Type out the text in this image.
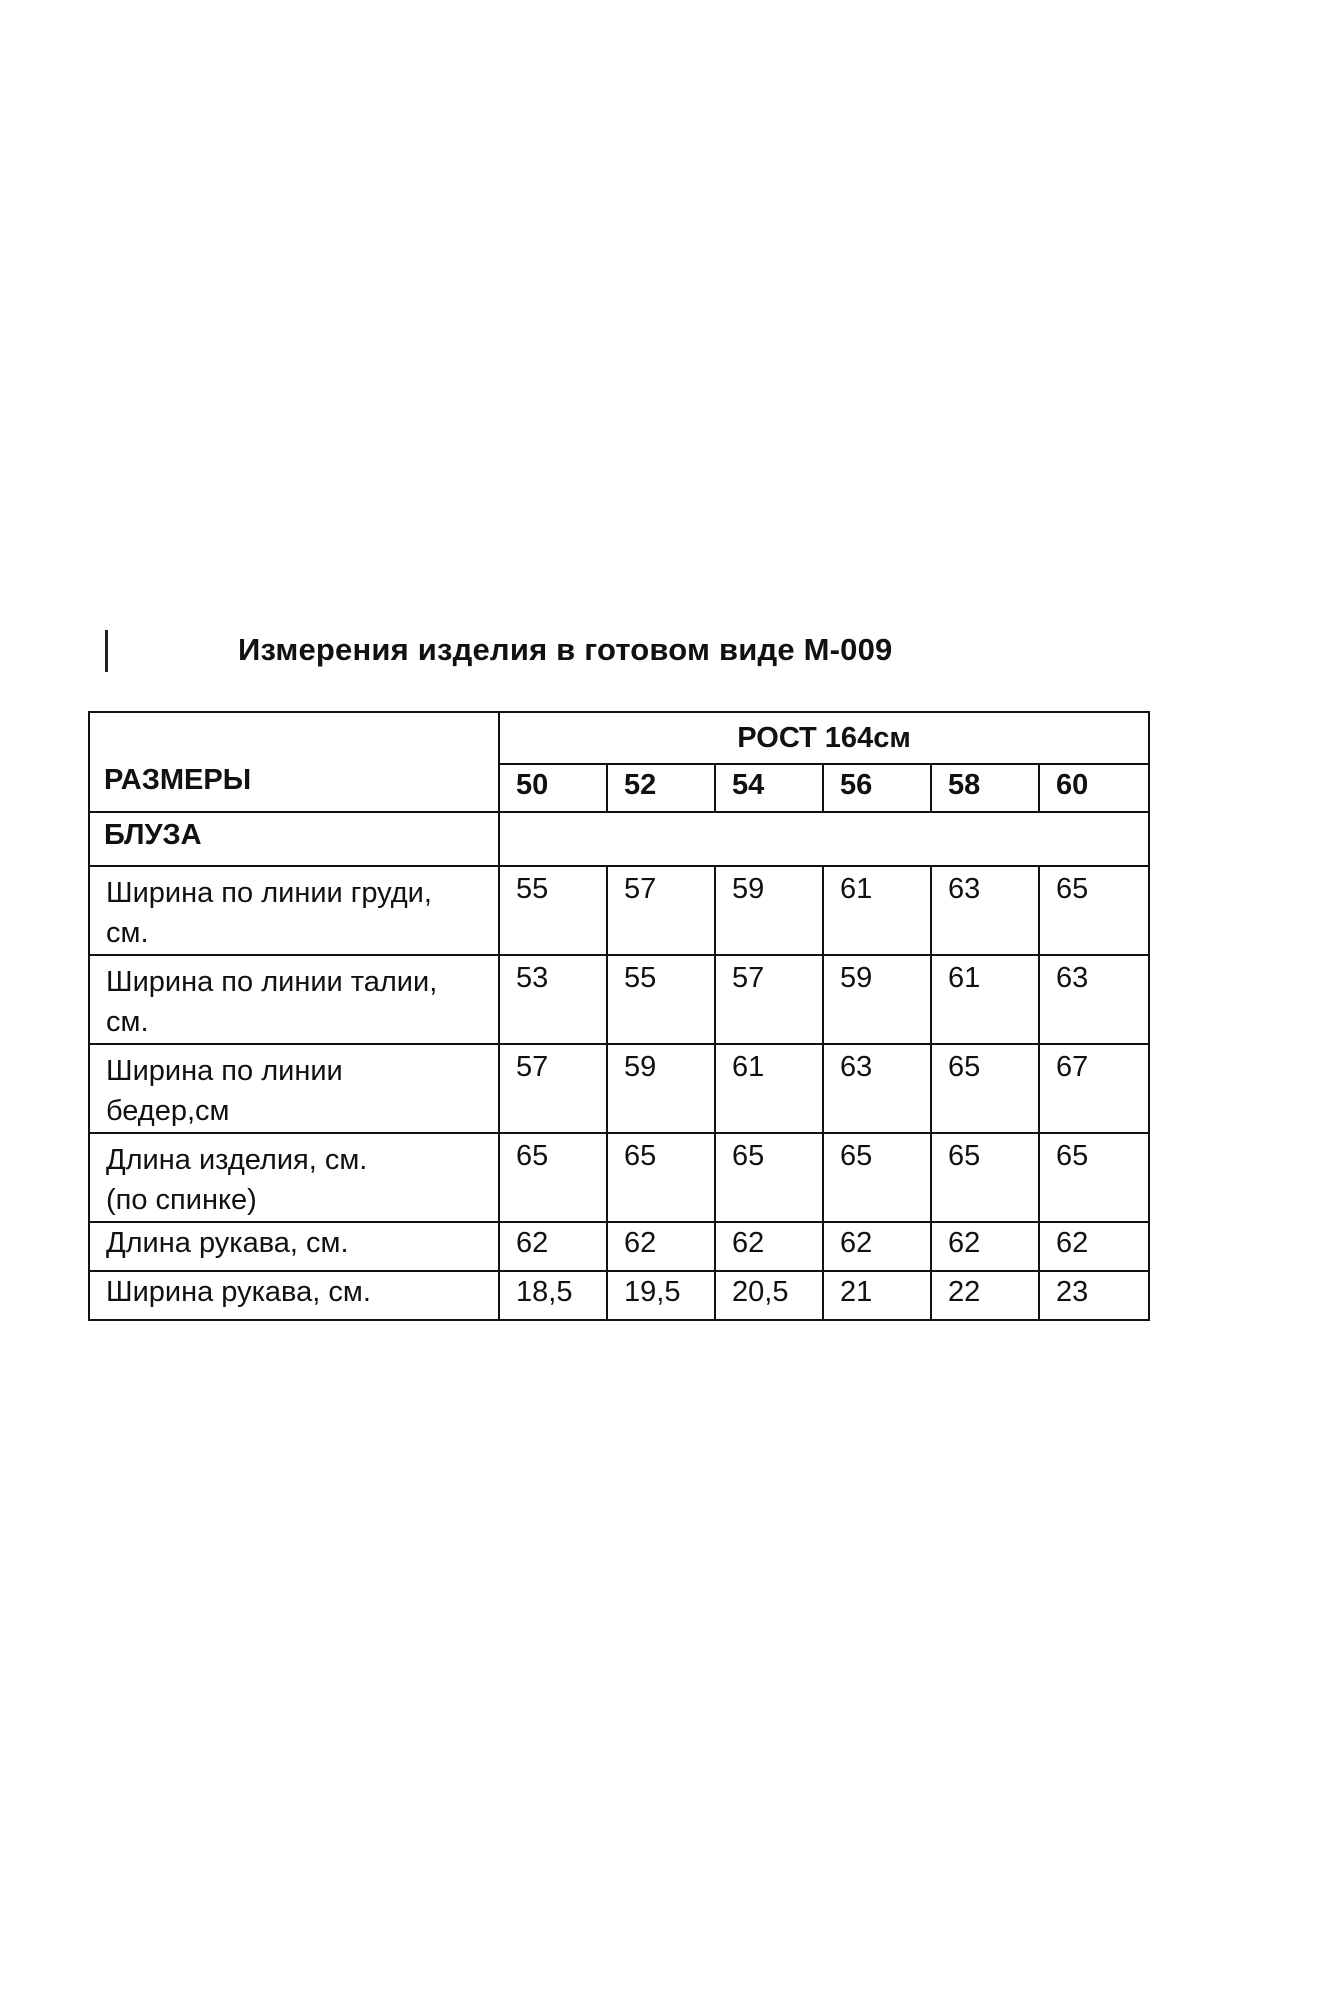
Измерения изделия в готовом виде М-009
РАЗМЕРЫ	РОСТ 164см					
	50	52	54	56	58	60
БЛУЗА						

Ширина по линии груди,
см.	55	57	59	61	63	65

Ширина по линии талии,
см.	53	55	57	59	61	63

Ширина по линии
бедер,см	57	59	61	63	65	67

Длина изделия, см.
(по спинке)	65	65	65	65	65	65

Длина рукава, см.	62	62	62	62	62	62

Ширина рукава, см.	18,5	19,5	20,5	21	22	23
